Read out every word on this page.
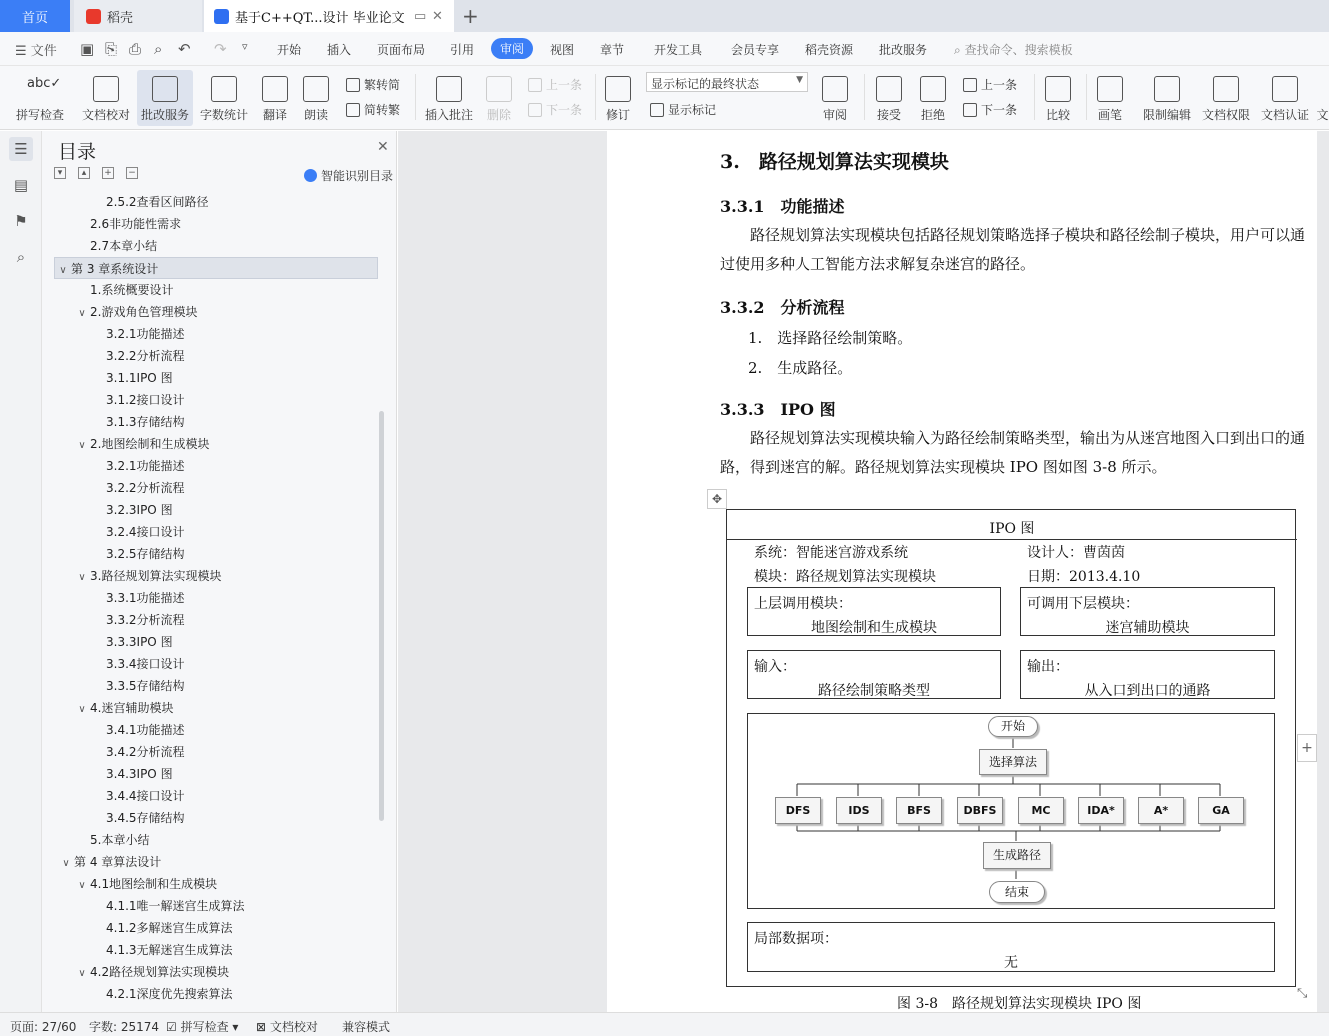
首页	稻壳	基于C++QT...设计 毕业论文 ▭ ✕ +
☰ 文件 ▣ ⎘ ⎙ ⌕ ↶ ↷ ▿ 开始 插入 页面布局 引用	审阅	视图 章节 开发工具 会员专享 稻壳资源 批改服务 ⌕ 查找命令、搜索模板
abc✓
拼写检查 文档校对 批改服务 字数统计 翻译 朗读
繁转简
简转繁 插入批注 删除
上一条
下一条 修订
显示标记的最终状态	▼
显示标记	审阅 接受 拒绝
上一条
下一条 比较 画笔 限制编辑 文档权限 文档认证 文
☰
▤
⚑
⌕
目录	✕
▾	▴	+ −	智能识别目录
2.5.2查看区间路径
2.6非功能性需求
2.7本章小结
∨ 第 3 章系统设计
1.系统概要设计
∨ 2.游戏角色管理模块
3.2.1功能描述
3.2.2分析流程
3.1.1IPO 图
3.1.2接口设计
3.1.3存储结构
∨ 2.地图绘制和生成模块
3.2.1功能描述
3.2.2分析流程
3.2.3IPO 图
3.2.4接口设计
3.2.5存储结构
∨ 3.路径规划算法实现模块
3.3.1功能描述
3.3.2分析流程
3.3.3IPO 图
3.3.4接口设计
3.3.5存储结构
∨ 4.迷宫辅助模块
3.4.1功能描述
3.4.2分析流程
3.4.3IPO 图
3.4.4接口设计
3.4.5存储结构
5.本章小结
∨ 第 4 章算法设计
∨ 4.1地图绘制和生成模块
4.1.1唯一解迷宫生成算法
4.1.2多解迷宫生成算法
4.1.3无解迷宫生成算法
∨ 4.2路径规划算法实现模块
4.2.1深度优先搜索算法
3.　路径规划算法实现模块
3.3.1　功能描述
　　路径规划算法实现模块包括路径规划策略选择子模块和路径绘制子模块，用户可以通过使用多种人工智能方法求解复杂迷宫的路径。
3.3.2　分析流程
1.　选择路径绘制策略。
2.　生成路径。
3.3.3　IPO 图
　　路径规划算法实现模块输入为路径绘制策略类型，输出为从迷宫地图入口到出口的通路，得到迷宫的解。路径规划算法实现模块 IPO 图如图 3-8 所示。
IPO 图
系统：智能迷宫游戏系统
模块：路径规划算法实现模块
设计人：曹茵茵
日期：2013.4.10
上层调用模块：
地图绘制和生成模块
可调用下层模块：
迷宫辅助模块
输入：
路径绘制策略类型
输出：
从入口到出口的通路
开始
选择算法
DFS	IDS	BFS	DBFS	MC	IDA*	A*	GA
生成路径
结束
局部数据项：
无
图 3-8　路径规划算法实现模块 IPO 图
✥
+
⤡
页面: 27/60 字数: 25174 ☑ 拼写检查 ▾ ⊠ 文档校对 兼容模式
